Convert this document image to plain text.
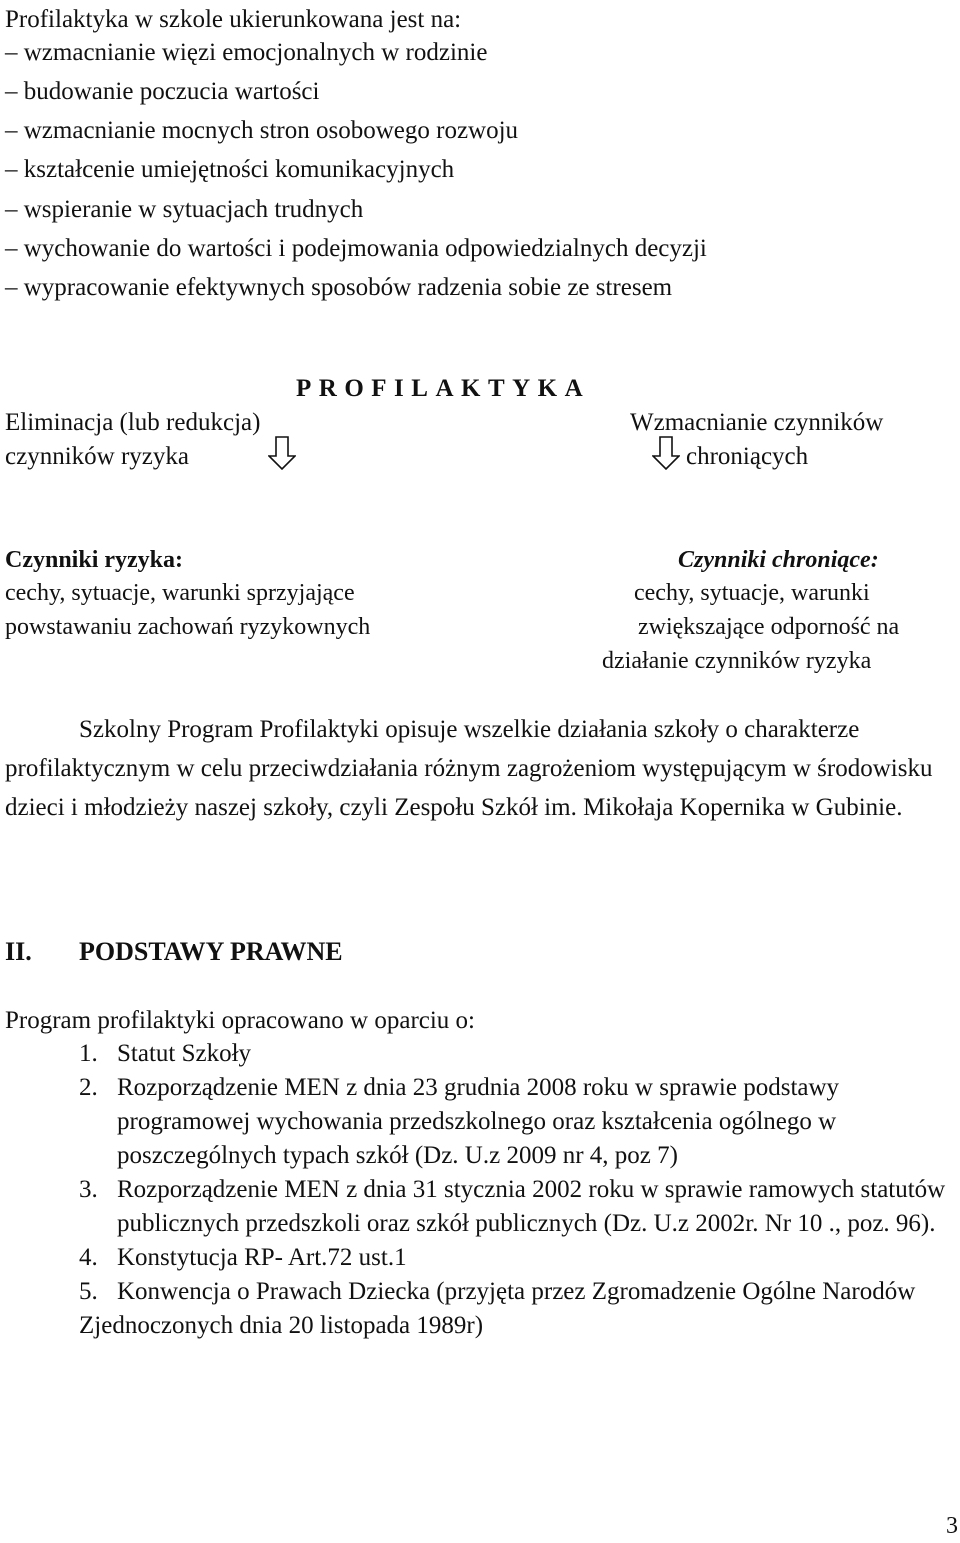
Profilaktyka w szkole ukierunkowana jest na:
– wzmacnianie więzi emocjonalnych w rodzinie
– budowanie poczucia wartości
– wzmacnianie mocnych stron osobowego rozwoju
– kształcenie umiejętności komunikacyjnych
– wspieranie w sytuacjach trudnych
– wychowanie do wartości i podejmowania odpowiedzialnych decyzji
– wypracowanie efektywnych sposobów radzenia sobie ze stresem
PROFILAKTYKA
Eliminacja (lub redukcja)
czynników ryzyka
Wzmacnianie czynników
chroniących
Czynniki ryzyka:
cechy, sytuacje, warunki sprzyjające
powstawaniu zachowań ryzykownych
Czynniki chroniące:
cechy, sytuacje, warunki
zwiększające odporność na
działanie czynników ryzyka
Szkolny Program Profilaktyki opisuje wszelkie działania szkoły o charakterze profilaktycznym w celu przeciwdziałania różnym zagrożeniom występującym w środowisku dzieci i młodzieży naszej szkoły, czyli Zespołu Szkół im. Mikołaja Kopernika w Gubinie.
II. PODSTAWY PRAWNE
Program profilaktyki opracowano w oparciu o:
1. Statut Szkoły
2. Rozporządzenie MEN z dnia 23 grudnia 2008 roku w sprawie podstawy programowej wychowania przedszkolnego oraz kształcenia ogólnego w poszczególnych typach szkół (Dz. U.z 2009 nr 4, poz 7)
3. Rozporządzenie MEN z dnia 31 stycznia 2002 roku w sprawie ramowych statutów publicznych przedszkoli oraz szkół publicznych (Dz. U.z 2002r. Nr 10 ., poz. 96).
4. Konstytucja RP- Art.72 ust.1
5. Konwencja o Prawach Dziecka (przyjęta przez Zgromadzenie Ogólne Narodów Zjednoczonych dnia 20 listopada 1989r)
3
